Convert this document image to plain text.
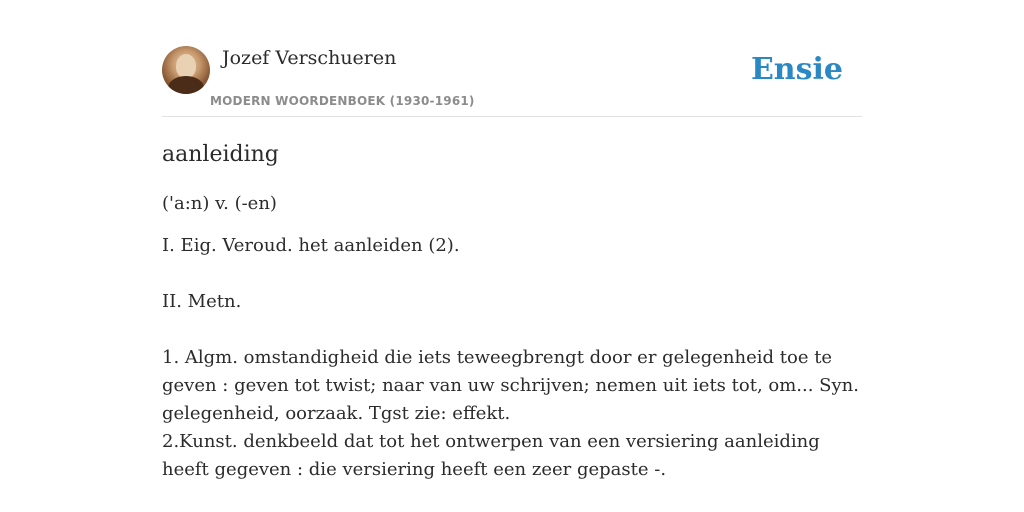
Jozef Verschueren
MODERN WOORDENBOEK (1930-1961)
Ensie
aanleiding
('a:n) v. (-en)

I. Eig. Veroud. het aanleiden (2).

II. Metn.

1. Algm. omstandigheid die iets teweegbrengt door er gelegenheid toe te geven : geven tot twist; naar van uw schrijven; nemen uit iets tot, om... Syn. gelegenheid, oorzaak. Tgst zie: effekt.

2.Kunst. denkbeeld dat tot het ontwerpen van een versiering aanleiding heeft gegeven : die versiering heeft een zeer gepaste -.
